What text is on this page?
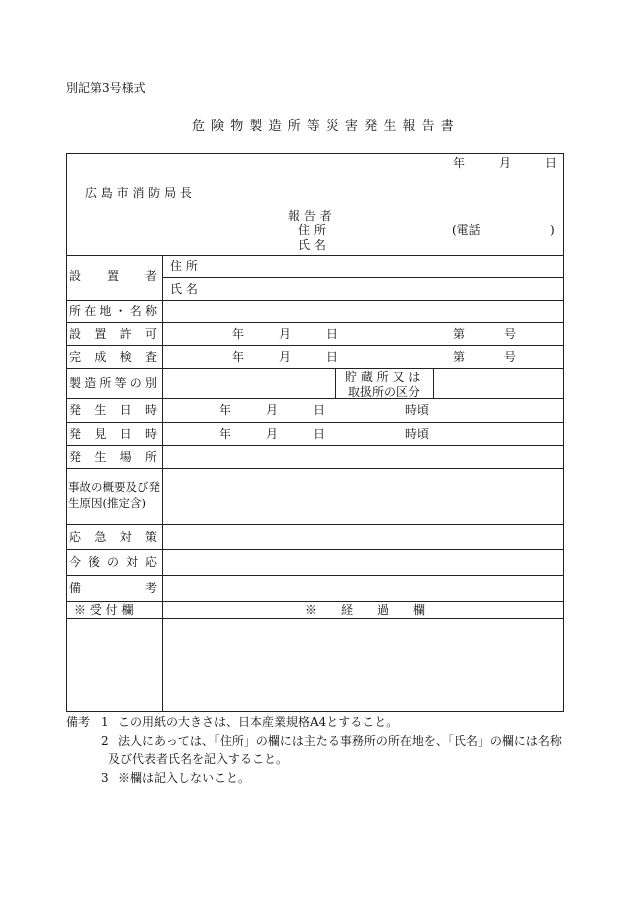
別記第3号様式
危 険 物 製 造 所 等 災 害 発 生 報 告 書
年	月	日
広 島 市 消 防 局 長
報 告 者
住 所	(電話	)
氏 名
設 置 者
住 所
氏 名
所 在 地 ・ 名 称
設 置 許 可	年	月	日	第	号
完 成 検 査	年	月	日	第	号
製 造 所 等 の 別	貯 蔵 所 又 は
取扱所の区分
発 生 日 時	年	月	日	時頃
発 見 日 時	年	月	日	時頃
発 生 場 所
事故の概要及び発
生原因(推定含)
応 急 対 策
今 後 の 対 応
備	考
※ 受 付 欄	※　　経　　過　　欄
備考 1 この用紙の大きさは、日本産業規格A4とすること。
2 法人にあっては、「住所」の欄には主たる事務所の所在地を、「氏名」の欄には名称
及び代表者氏名を記入すること。
3 ※欄は記入しないこと。
